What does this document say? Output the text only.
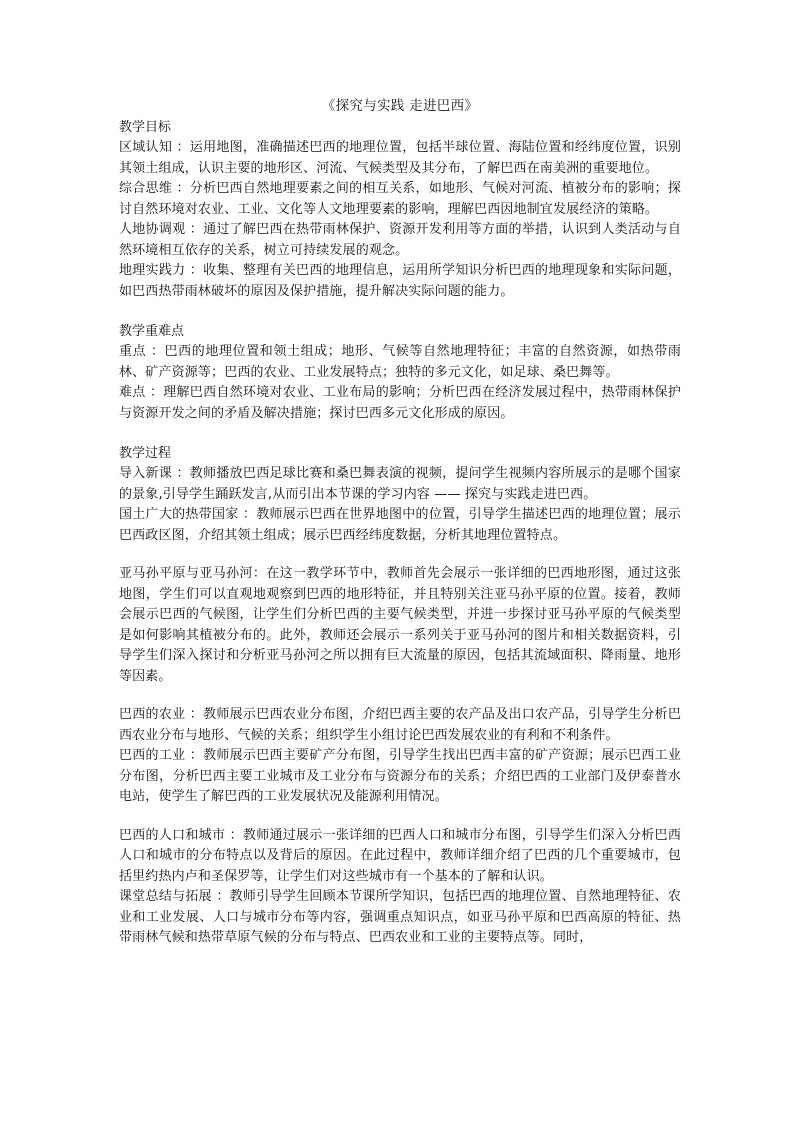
《探究与实践 走进巴西》
教学目标

区域认知 ：运用地图，准确描述巴西的地理位置，包括半球位置、海陆位置和经纬度位置，识别其领土组成，认识主要的地形区、河流、气候类型及其分布，了解巴西在南美洲的重要地位。

综合思维 ：分析巴西自然地理要素之间的相互关系，如地形、气候对河流、植被分布的影响；探讨自然环境对农业、工业、文化等人文地理要素的影响，理解巴西因地制宜发展经济的策略。

人地协调观 ：通过了解巴西在热带雨林保护、资源开发利用等方面的举措，认识到人类活动与自然环境相互依存的关系，树立可持续发展的观念。

地理实践力 ：收集、整理有关巴西的地理信息，运用所学知识分析巴西的地理现象和实际问题，如巴西热带雨林破坏的原因及保护措施，提升解决实际问题的能力。

教学重难点

重点 ：巴西的地理位置和领土组成；地形、气候等自然地理特征；丰富的自然资源，如热带雨林、矿产资源等；巴西的农业、工业发展特点；独特的多元文化，如足球、桑巴舞等。

难点 ：理解巴西自然环境对农业、工业布局的影响；分析巴西在经济发展过程中，热带雨林保护与资源开发之间的矛盾及解决措施；探讨巴西多元文化形成的原因。

教学过程

导入新课 ：教师播放巴西足球比赛和桑巴舞表演的视频，提问学生视频内容所展示的是哪个国家的景象,引导学生踊跃发言,从而引出本节课的学习内容 —— 探究与实践走进巴西。

国土广大的热带国家 ：教师展示巴西在世界地图中的位置，引导学生描述巴西的地理位置；展示巴西政区图，介绍其领土组成；展示巴西经纬度数据，分析其地理位置特点。

亚马孙平原与亚马孙河：在这一教学环节中，教师首先会展示一张详细的巴西地形图，通过这张地图，学生们可以直观地观察到巴西的地形特征，并且特别关注亚马孙平原的位置。接着，教师会展示巴西的气候图，让学生们分析巴西的主要气候类型，并进一步探讨亚马孙平原的气候类型是如何影响其植被分布的。此外，教师还会展示一系列关于亚马孙河的图片和相关数据资料，引导学生们深入探讨和分析亚马孙河之所以拥有巨大流量的原因，包括其流域面积、降雨量、地形等因素。

巴西的农业 ：教师展示巴西农业分布图，介绍巴西主要的农产品及出口农产品，引导学生分析巴西农业分布与地形、气候的关系；组织学生小组讨论巴西发展农业的有利和不利条件。

巴西的工业 ：教师展示巴西主要矿产分布图，引导学生找出巴西丰富的矿产资源；展示巴西工业分布图，分析巴西主要工业城市及工业分布与资源分布的关系；介绍巴西的工业部门及伊泰普水电站，使学生了解巴西的工业发展状况及能源利用情况。

巴西的人口和城市 ：教师通过展示一张详细的巴西人口和城市分布图，引导学生们深入分析巴西人口和城市的分布特点以及背后的原因。在此过程中，教师详细介绍了巴西的几个重要城市，包括里约热内卢和圣保罗等，让学生们对这些城市有一个基本的了解和认识。

课堂总结与拓展 ：教师引导学生回顾本节课所学知识，包括巴西的地理位置、自然地理特征、农业和工业发展、人口与城市分布等内容，强调重点知识点，如亚马孙平原和巴西高原的特征、热带雨林气候和热带草原气候的分布与特点、巴西农业和工业的主要特点等。同时，
